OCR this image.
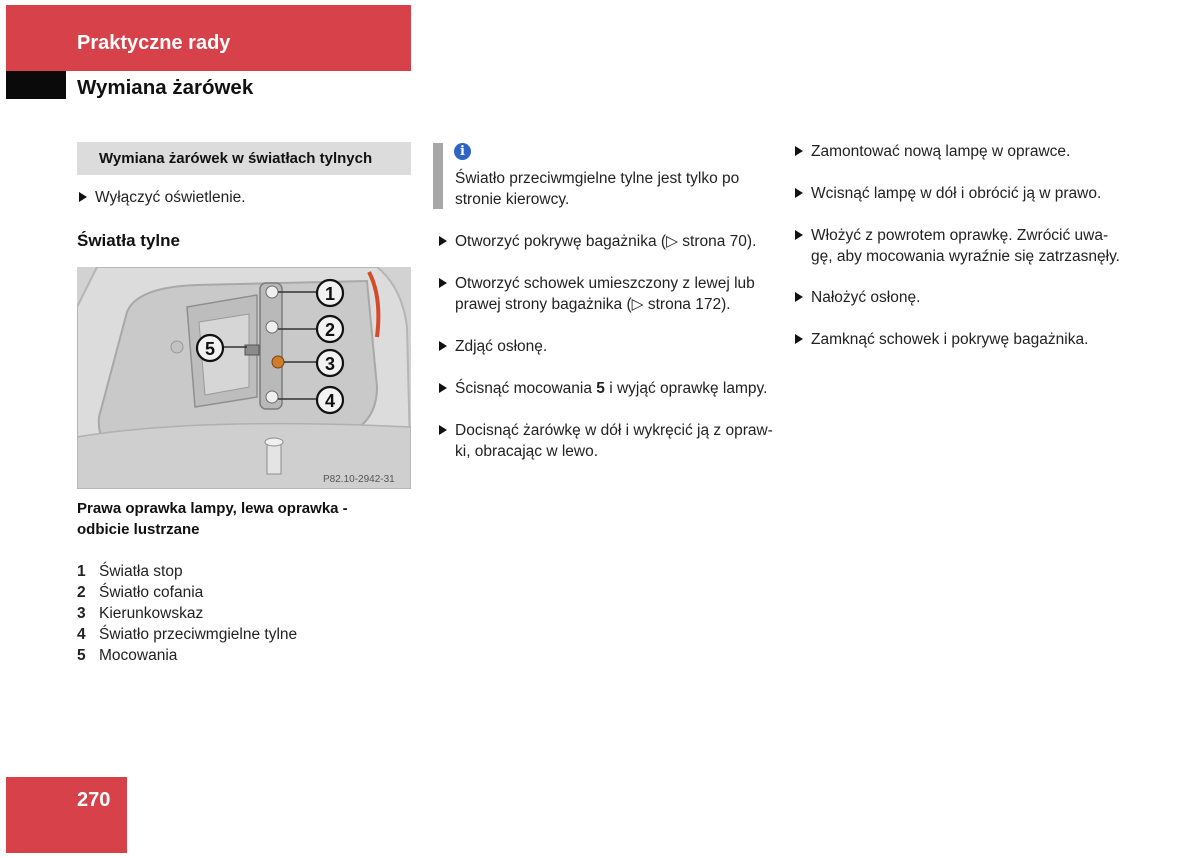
Praktyczne rady
Wymiana żarówek
Wymiana żarówek w światłach tylnych
Wyłączyć oświetlenie.
Światła tylne
1
2
3
4
5
P82.10-2942-31
Prawa oprawka lampy, lewa oprawka - odbicie lustrzane
1 Światła stop
2 Światło cofania
3 Kierunkowskaz
4 Światło przeciwmgielne tylne
5 Mocowania
i
Światło przeciwmgielne tylne jest tylko po stronie kierowcy.
Otworzyć pokrywę bagażnika (▷ strona 70).
Otworzyć schowek umieszczony z lewej lub prawej strony bagażnika (▷ strona 172).
Zdjąć osłonę.
Ścisnąć mocowania 5 i wyjąć oprawkę lampy.
Docisnąć żarówkę w dół i wykręcić ją z opraw-
ki, obracając w lewo.
Zamontować nową lampę w oprawce.
Wcisnąć lampę w dół i obrócić ją w prawo.
Włożyć z powrotem oprawkę. Zwrócić uwa-
gę, aby mocowania wyraźnie się zatrzasnęły.
Nałożyć osłonę.
Zamknąć schowek i pokrywę bagażnika.
270
